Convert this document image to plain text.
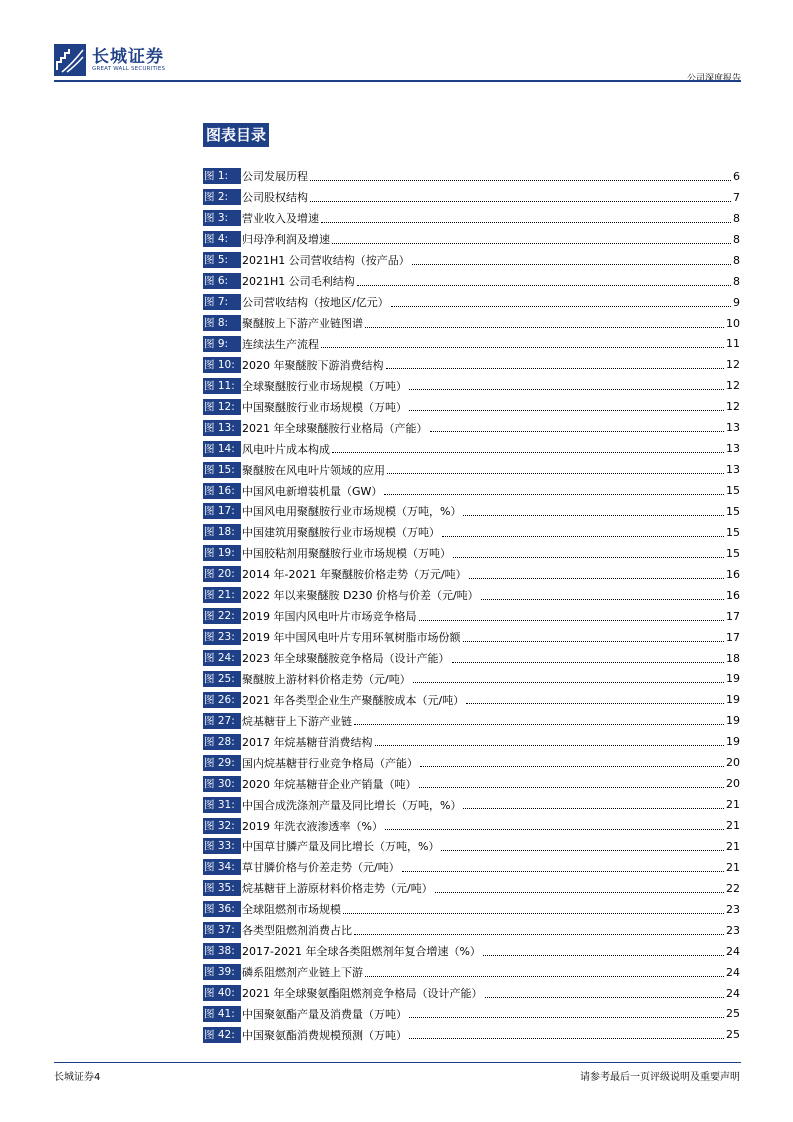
长城证券
GREAT WALL SECURITIES
公司深度报告
图表目录
图 1:	公司发展历程	6
图 2:	公司股权结构	7
图 3:	营业收入及增速	8
图 4:	归母净利润及增速	8
图 5:	2021H1 公司营收结构（按产品）	8
图 6:	2021H1 公司毛利结构	8
图 7:	公司营收结构（按地区/亿元）	9
图 8:	聚醚胺上下游产业链图谱	10
图 9:	连续法生产流程	11
图 10: 2020 年聚醚胺下游消费结构	12
图 11: 全球聚醚胺行业市场规模（万吨）	12
图 12: 中国聚醚胺行业市场规模（万吨）	12
图 13: 2021 年全球聚醚胺行业格局（产能）	13
图 14: 风电叶片成本构成	13
图 15: 聚醚胺在风电叶片领域的应用	13
图 16: 中国风电新增装机量（GW）	15
图 17: 中国风电用聚醚胺行业市场规模（万吨，%）	15
图 18: 中国建筑用聚醚胺行业市场规模（万吨）	15
图 19: 中国胶粘剂用聚醚胺行业市场规模（万吨）	15
图 20: 2014 年-2021 年聚醚胺价格走势（万元/吨）	16
图 21: 2022 年以来聚醚胺 D230 价格与价差（元/吨）	16
图 22: 2019 年国内风电叶片市场竞争格局	17
图 23: 2019 年中国风电叶片专用环氧树脂市场份额	17
图 24: 2023 年全球聚醚胺竞争格局（设计产能）	18
图 25: 聚醚胺上游材料价格走势（元/吨）	19
图 26: 2021 年各类型企业生产聚醚胺成本（元/吨）	19
图 27: 烷基糖苷上下游产业链	19
图 28: 2017 年烷基糖苷消费结构	19
图 29: 国内烷基糖苷行业竞争格局（产能）	20
图 30: 2020 年烷基糖苷企业产销量（吨）	20
图 31: 中国合成洗涤剂产量及同比增长（万吨，%）	21
图 32: 2019 年洗衣液渗透率（%）	21
图 33: 中国草甘膦产量及同比增长（万吨，%）	21
图 34: 草甘膦价格与价差走势（元/吨）	21
图 35: 烷基糖苷上游原材料价格走势（元/吨）	22
图 36: 全球阻燃剂市场规模	23
图 37: 各类型阻燃剂消费占比	23
图 38: 2017-2021 年全球各类阻燃剂年复合增速（%）	24
图 39: 磷系阻燃剂产业链上下游	24
图 40: 2021 年全球聚氨酯阻燃剂竞争格局（设计产能）	24
图 41: 中国聚氨酯产量及消费量（万吨）	25
图 42: 中国聚氨酯消费规模预测（万吨）	25
长城证券4	请参考最后一页评级说明及重要声明
